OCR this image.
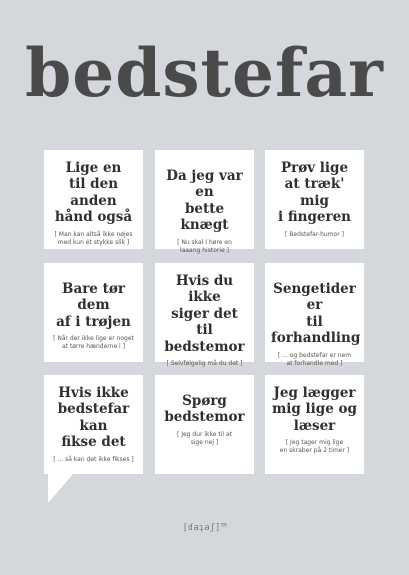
bedstefar
Lige en
til den anden
hånd også
[ Man kan altså ikke nøjes
med kun ét stykke slik ]
Da jeg var en
bette knægt
[ Nu skal I høre en
laaang historie ]
Prøv lige
at træk' mig
i fingeren
[ Bedstefar-humor ]
Bare tør dem
af i trøjen
[ Når der ikke lige er noget
at tørre hænderne i ]
Hvis du ikke
siger det til
bedstemor
[ Selvfølgelig må du det ]
Sengetider er
til forhandling
[ ... og bedstefar er nem
at forhandle med ]
Hvis ikke
bedstefar kan
fikse det
[ ... så kan det ikke fikses ]
Spørg
bedstemor
[ Jeg dur ikke til at
sige nej ]
Jeg lægger
mig lige og
læser
[ Jeg tager mig lige
en skraber på 2 timer ]
[ɗaʇaʃ]™
